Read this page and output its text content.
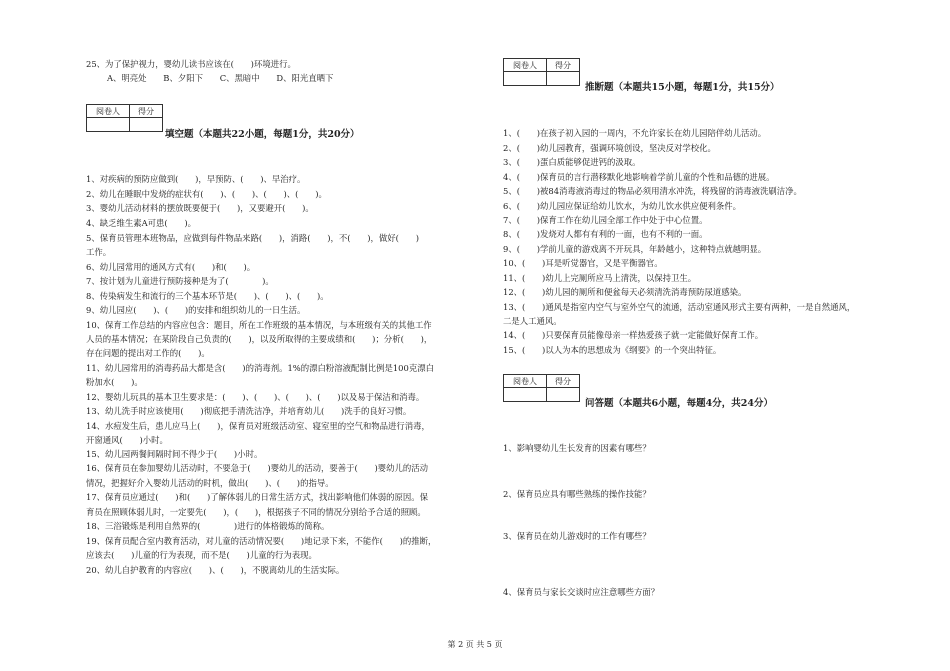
25、为了保护视力，婴幼儿读书应该在(　　)环境进行。
A、明亮处　　B、夕阳下　　C、黑暗中　　D、阳光直晒下
阅卷人	得分

填空题（本题共22小题，每题1分，共20分）
1、对疾病的预防应做到(　　)，早预防、(　　)、早治疗。
2、幼儿在睡眠中发烧的症状有(　　)、(　　)、(　　)、(　　)。
3、婴幼儿活动材料的摆放既要便于(　　)，又要避开(　　)。
4、缺乏维生素A可患(　　)。
5、保育员管理本班物品，应做到每件物品来路(　　)，消路(　　)，不(　　)，做好(　　)
工作。
6、幼儿园常用的通风方式有(　　)和(　　)。
7、按计划为儿童进行预防接种是为了(　　　　)。
8、传染病发生和流行的三个基本环节是(　　)、(　　)、(　　)。
9、幼儿园应(　　)、(　　)的安排和组织幼儿的一日生活。
10、保育工作总结的内容应包含：题目，所在工作班级的基本情况，与本班级有关的其他工作
人员的基本情况；在某阶段自己负责的(　　)，以及所取得的主要成绩和(　　)；分析(　　)，
存在问题的提出对工作的(　　)。
11、幼儿园常用的消毒药品大都是含(　　)的消毒剂。1%的漂白粉溶液配制比例是100克漂白
粉加水(　　)。
12、婴幼儿玩具的基本卫生要求是：(　　)、(　　)、(　　)、(　　)以及易于保洁和消毒。
13、幼儿洗手时应该使用(　　)彻底把手清洗洁净，并培育幼儿(　　)洗手的良好习惯。
14、水痘发生后，患儿应马上(　　)，保育员对班级活动室、寝室里的空气和物品进行消毒，
开窗通风(　　)小时。
15、幼儿园两餐间隔时间不得少于(　　)小时。
16、保育员在参加婴幼儿活动时，不要急于(　　)婴幼儿的活动，要善于(　　)婴幼儿的活动
情况，把握好介入婴幼儿活动的时机，做出(　　)、(　　)的指导。
17、保育员应通过(　　)和(　　)了解体弱儿的日常生活方式，找出影响他们体弱的原因。保
育员在照顾体弱儿时，一定要先(　　)，(　　)，根据孩子不同的情况分别给予合适的照顾。
18、三浴锻炼是利用自然界的(　　　　)进行的体格锻炼的简称。
19、保育员配合室内教育活动，对儿童的活动情况要(　　)地记录下来，不能作(　　)的推断，
应该去(　　)儿童的行为表现，而不是(　　)儿童的行为表现。
20、幼儿自护教育的内容应(　　)、(　　)，不脱离幼儿的生活实际。
阅卷人	得分

推断题（本题共15小题，每题1分，共15分）
1、(　　)在孩子初入园的一周内，不允许家长在幼儿园陪伴幼儿活动。
2、(　　)幼儿园教育，强调环境创设，坚决反对学校化。
3、(　　)蛋白质能够促进钙的汲取。
4、(　　)保育员的言行潜移默化地影响着学前儿童的个性和品德的进展。
5、(　　)被84消毒液消毒过的物品必须用清水冲洗，将残留的消毒液洗刷洁净。
6、(　　)幼儿园应保证给幼儿饮水，为幼儿饮水供应便利条件。
7、(　　)保育工作在幼儿园全部工作中处于中心位置。
8、(　　)发烧对人都有有利的一面，也有不利的一面。
9、(　　)学前儿童的游戏离不开玩具，年龄越小，这种特点就越明显。
10、(　　)耳是听觉器官，又是平衡器官。
11、(　　)幼儿上完厕所应马上清洗，以保持卫生。
12、(　　)幼儿园的厕所和便盆每天必须清洗消毒预防尿道感染。
13、(　　)通风是指室内空气与室外空气的流通，活动室通风形式主要有两种，一是自然通风，
二是人工通风。
14、(　　)只要保育员能像母亲一样热爱孩子就一定能做好保育工作。
15、(　　)以人为本的思想成为《纲要》的一个突出特征。
阅卷人	得分

问答题（本题共6小题，每题4分，共24分）
1、影响婴幼儿生长发育的因素有哪些？
2、保育员应具有哪些熟练的操作技能？
3、保育员在幼儿游戏时的工作有哪些？
4、保育员与家长交谈时应注意哪些方面？
第 2 页 共 5 页
